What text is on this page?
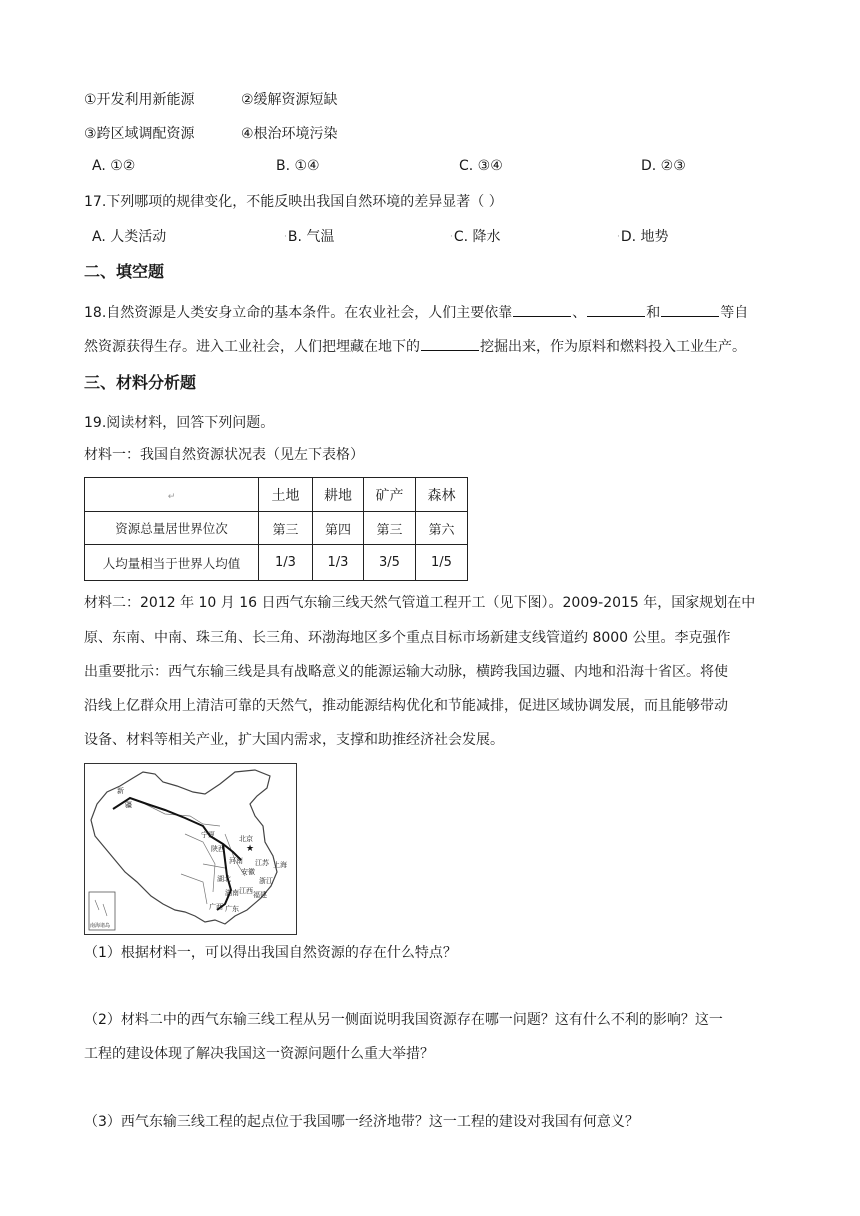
①开发利用新能源	②缓解资源短缺
③跨区域调配资源	④根治环境污染
A. ①②	B. ①④	C. ③④	D. ②③
17.下列哪项的规律变化，不能反映出我国自然环境的差异显著（ ）
A. 人类活动	·B. 气温	·C. 降水	·D. 地势
二、填空题
18.自然资源是人类安身立命的基本条件。在农业社会，人们主要依靠	、	和	等自
然资源获得生存。进入工业社会，人们把埋藏在地下的	挖掘出来，作为原料和燃料投入工业生产。
三、材料分析题
19.阅读材料，回答下列问题。
材料一：我国自然资源状况表（见左下表格）
↵	土地	耕地	矿产	森林
资源总量居世界位次	第三	第四	第三	第六
人均量相当于世界人均值	1/3	1/3	3/5	1/5
材料二：2012 年 10 月 16 日西气东输三线天然气管道工程开工（见下图）。2009-2015 年，国家规划在中
原、东南、中南、珠三角、长三角、环渤海地区多个重点目标市场新建支线管道约 8000 公里。李克强作
出重要批示：西气东输三线是具有战略意义的能源运输大动脉，横跨我国边疆、内地和沿海十省区。将使
沿线上亿群众用上清洁可靠的天然气，推动能源结构优化和节能减排，促进区域协调发展，而且能够带动
设备、材料等相关产业，扩大国内需求，支撑和助推经济社会发展。
★
新
疆
北京
陕西
宁夏
河南
安徽
江苏 上海
湖北
湖南 江西
浙江
福建
广东
广西
南海诸岛
（1）根据材料一，可以得出我国自然资源的存在什么特点？
（2）材料二中的西气东输三线工程从另一侧面说明我国资源存在哪一问题？这有什么不利的影响？这一
工程的建设体现了解决我国这一资源问题什么重大举措？
（3）西气东输三线工程的起点位于我国哪一经济地带？这一工程的建设对我国有何意义？
